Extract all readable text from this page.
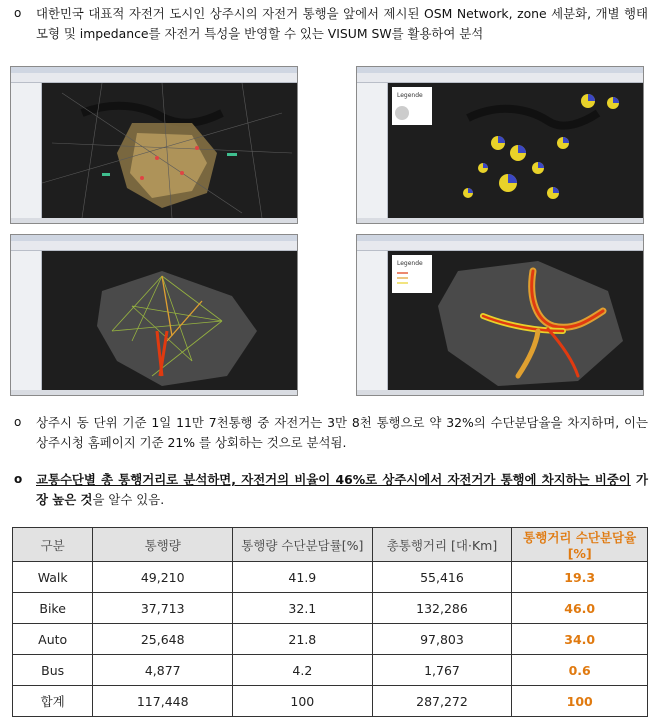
o	대한민국 대표적 자전거 도시인 상주시의 자전거 통행을 앞에서 제시된 OSM Network, zone 세분화, 개별 행태모형 및 impedance를 자전거 특성을 반영할 수 있는 VISUM SW를 활용하여 분석
Legende
Legende
o	상주시 동 단위 기준 1일 11만 7천통행 중 자전거는 3만 8천 통행으로 약 32%의 수단분담율을 차지하며, 이는 상주시청 홈페이지 기준 21% 를 상회하는 것으로 분석됨.
o	교통수단별 총 통행거리로 분석하면, 자전거의 비율이 46%로 상주시에서 자전거가 통행에 차지하는 비중이 가장 높은 것을 알수 있음.
구분	통행량	통행량 수단분담률[%]	총통행거리 [대·Km]	통행거리 수단분담율[%]
Walk	49,210	41.9	55,416	19.3
Bike	37,713	32.1	132,286	46.0
Auto	25,648	21.8	97,803	34.0
Bus	4,877	4.2	1,767	0.6
합계	117,448	100	287,272	100
